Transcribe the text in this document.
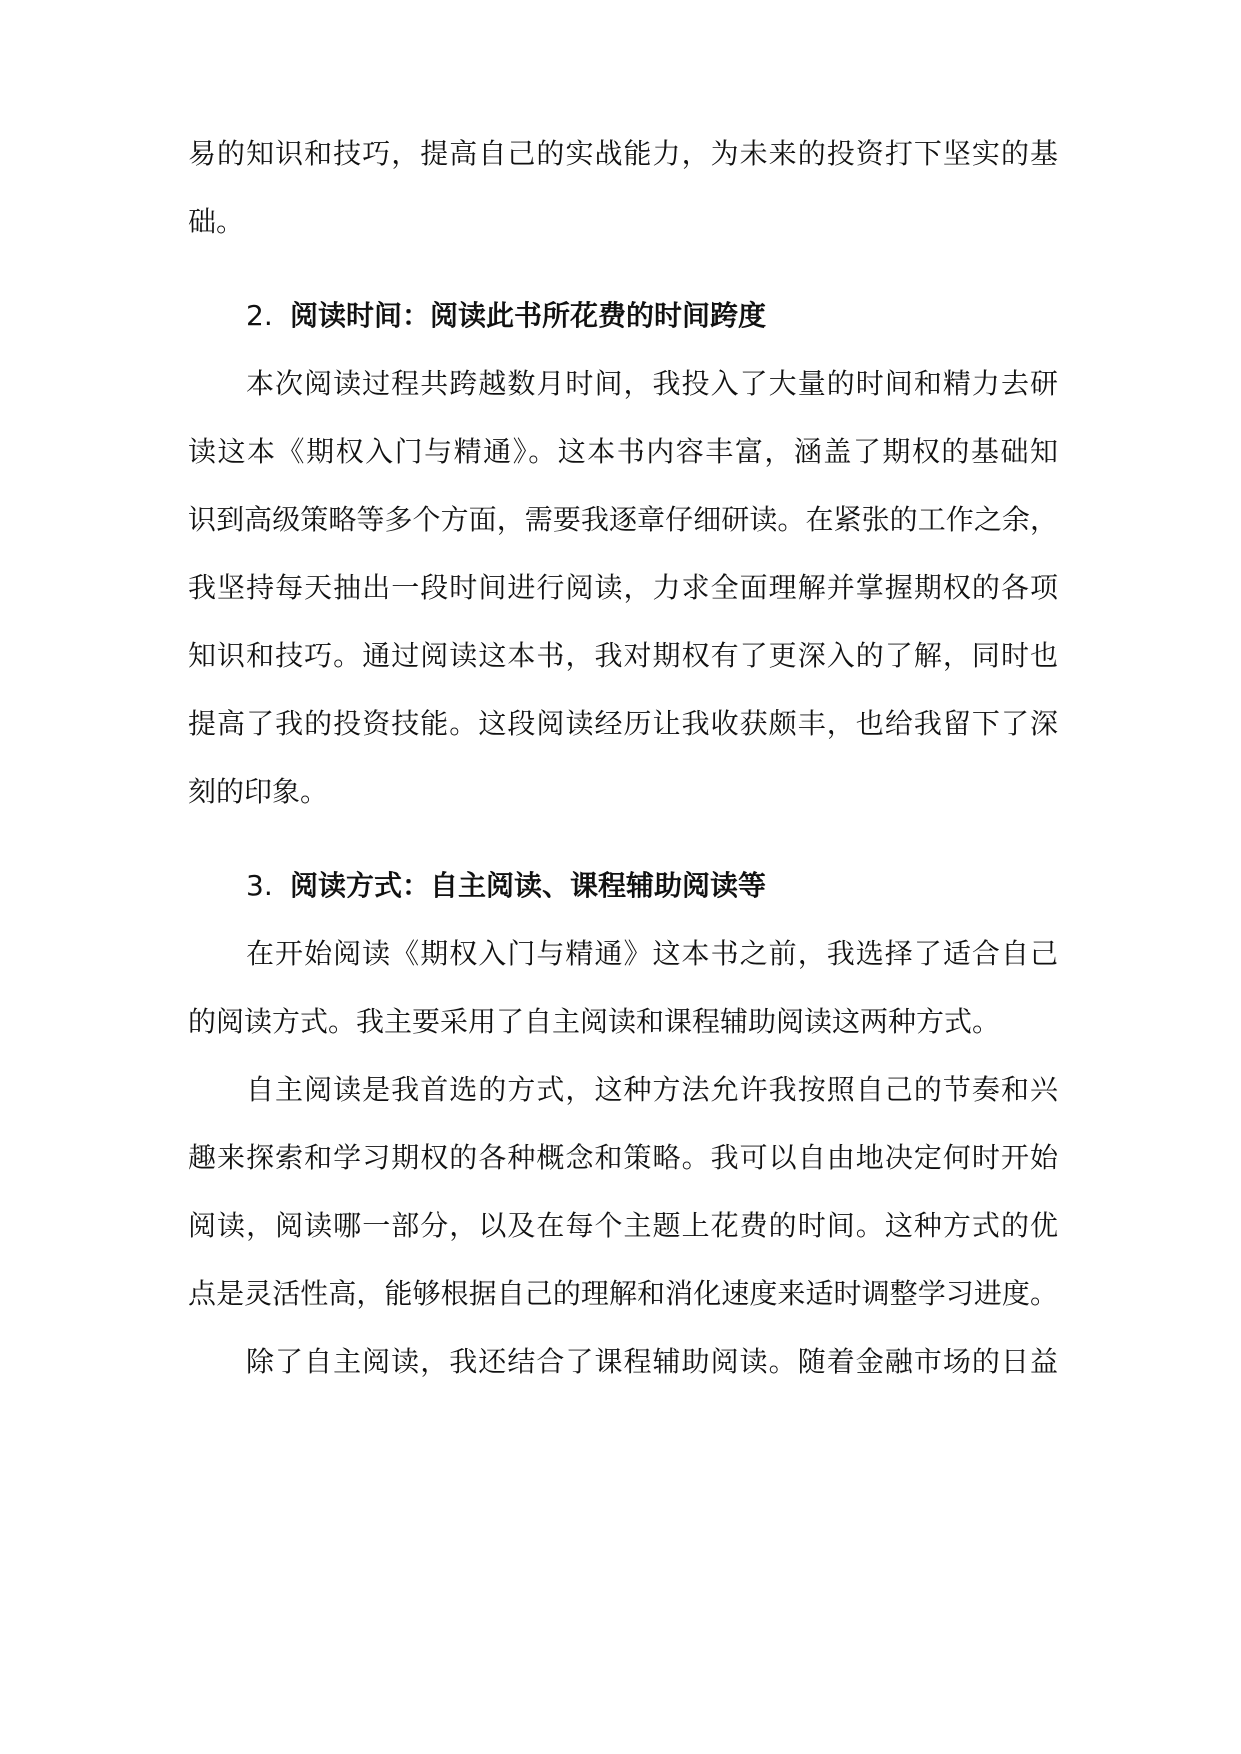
易的知识和技巧，提高自己的实战能力，为未来的投资打下坚实的基
础。
2. 阅读时间：阅读此书所花费的时间跨度
本次阅读过程共跨越数月时间，我投入了大量的时间和精力去研
读这本《期权入门与精通》。这本书内容丰富，涵盖了期权的基础知
识到高级策略等多个方面，需要我逐章仔细研读。在紧张的工作之余，
我坚持每天抽出一段时间进行阅读，力求全面理解并掌握期权的各项
知识和技巧。通过阅读这本书，我对期权有了更深入的了解，同时也
提高了我的投资技能。这段阅读经历让我收获颇丰，也给我留下了深
刻的印象。
3. 阅读方式：自主阅读、课程辅助阅读等
在开始阅读《期权入门与精通》这本书之前，我选择了适合自己
的阅读方式。我主要采用了自主阅读和课程辅助阅读这两种方式。
自主阅读是我首选的方式，这种方法允许我按照自己的节奏和兴
趣来探索和学习期权的各种概念和策略。我可以自由地决定何时开始
阅读，阅读哪一部分，以及在每个主题上花费的时间。这种方式的优
点是灵活性高，能够根据自己的理解和消化速度来适时调整学习进度。
除了自主阅读，我还结合了课程辅助阅读。随着金融市场的日益
